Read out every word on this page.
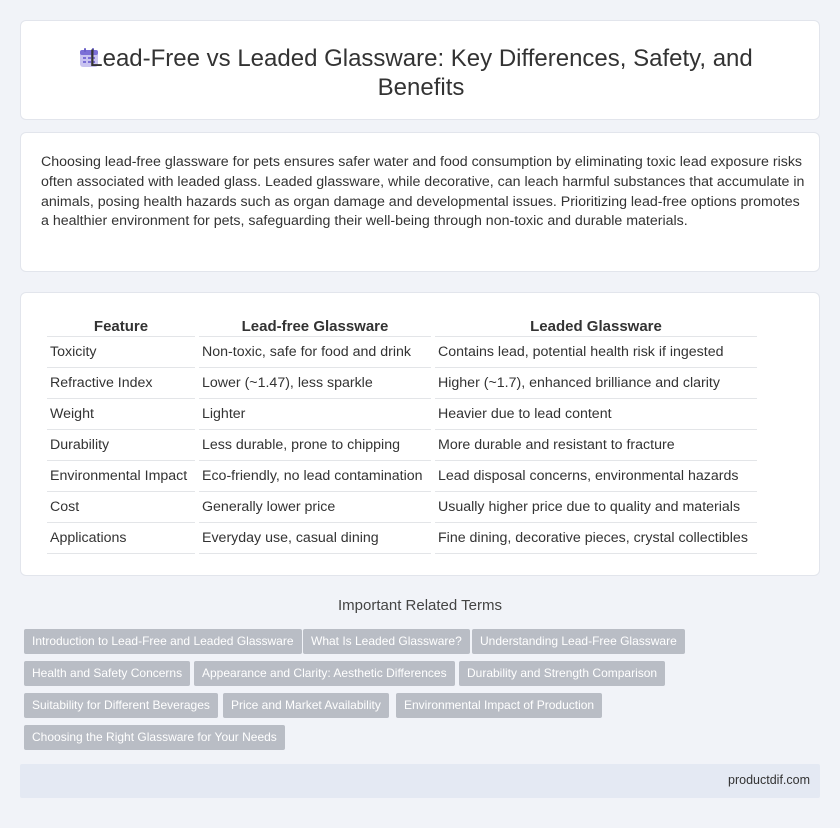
Lead-Free vs Leaded Glassware: Key Differences, Safety, and Benefits

Choosing lead-free glassware for pets ensures safer water and food consumption by eliminating toxic lead exposure risks often associated with leaded glass. Leaded glassware, while decorative, can leach harmful substances that accumulate in animals, posing health hazards such as organ damage and developmental issues. Prioritizing lead-free options promotes a healthier environment for pets, safeguarding their well-being through non-toxic and durable materials.

Feature	Lead-free Glassware	Leaded Glassware
Toxicity	Non-toxic, safe for food and drink	Contains lead, potential health risk if ingested
Refractive Index	Lower (~1.47), less sparkle	Higher (~1.7), enhanced brilliance and clarity
Weight	Lighter	Heavier due to lead content
Durability	Less durable, prone to chipping	More durable and resistant to fracture
Environmental Impact	Eco-friendly, no lead contamination	Lead disposal concerns, environmental hazards
Cost	Generally lower price	Usually higher price due to quality and materials
Applications	Everyday use, casual dining	Fine dining, decorative pieces, crystal collectibles
Important Related Terms
Introduction to Lead-Free and Leaded Glassware	What Is Leaded Glassware?	Understanding Lead-Free Glassware
Health and Safety Concerns	Appearance and Clarity: Aesthetic Differences	Durability and Strength Comparison
Suitability for Different Beverages	Price and Market Availability	Environmental Impact of Production
Choosing the Right Glassware for Your Needs
productdif.com
